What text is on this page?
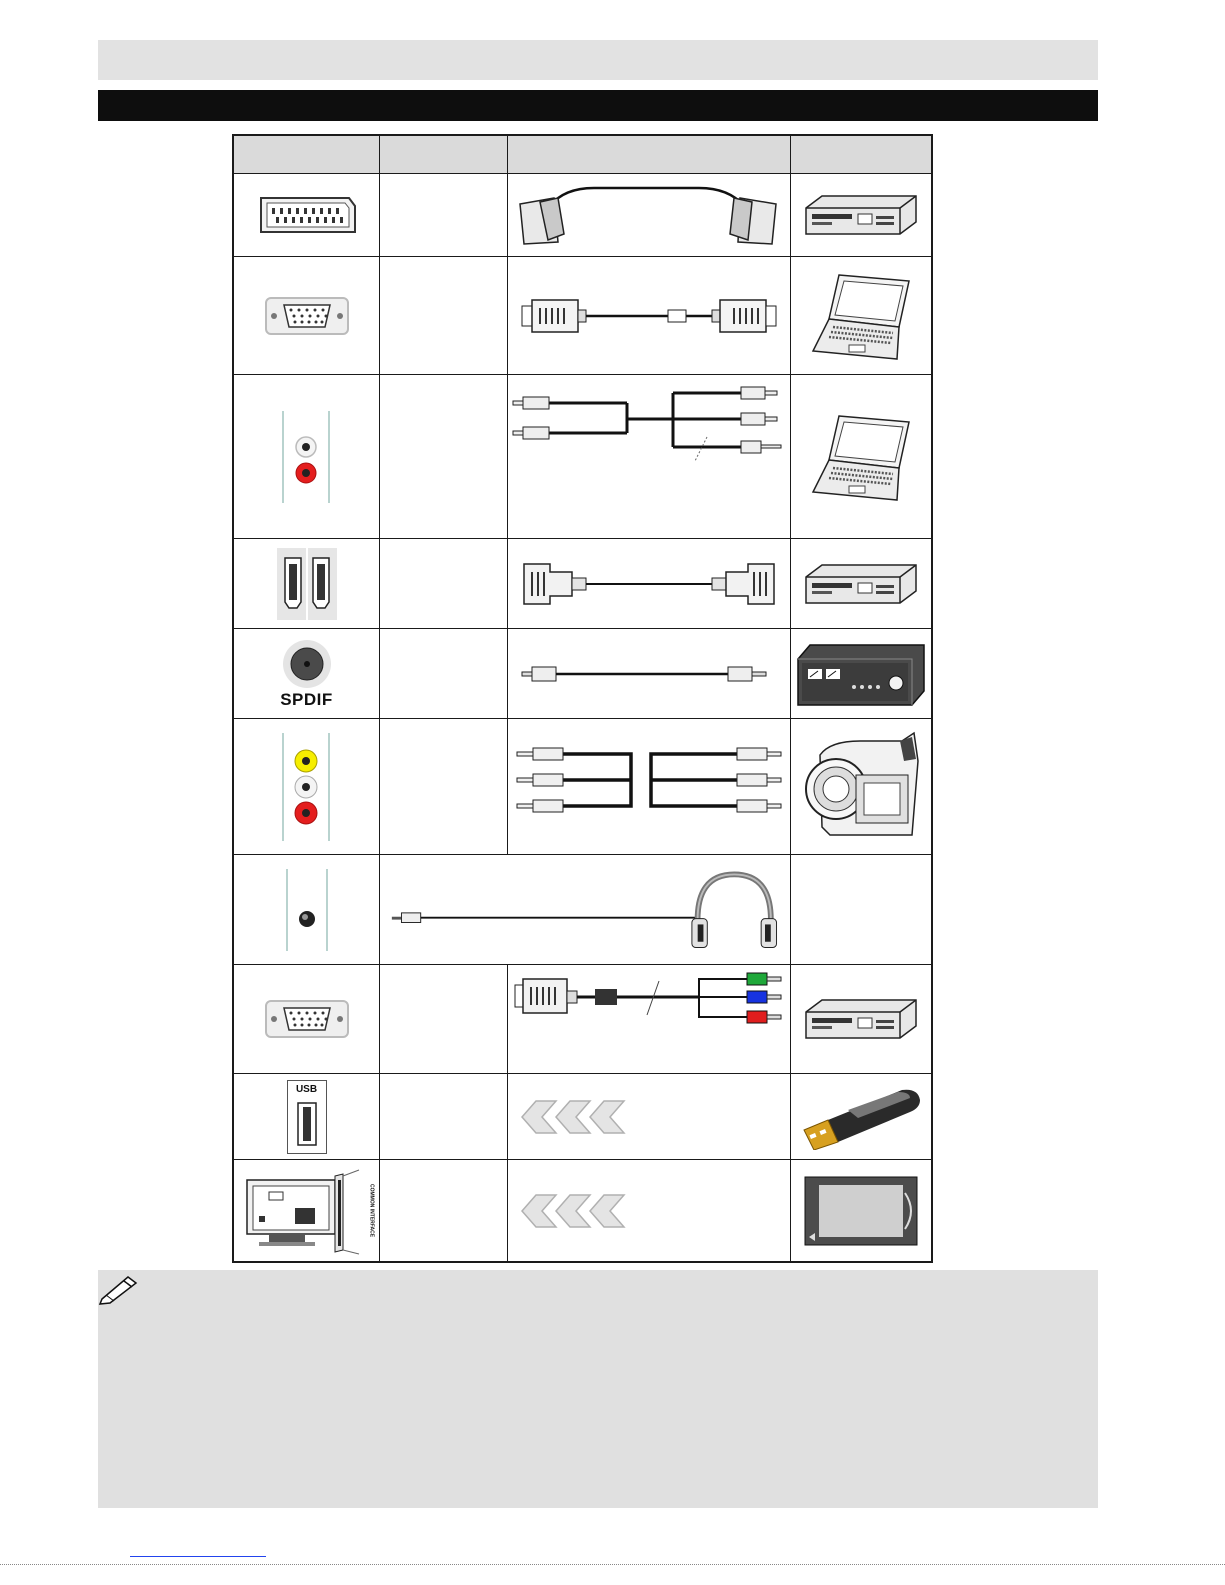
SPDIF
USB
COMMON INTERFACE
